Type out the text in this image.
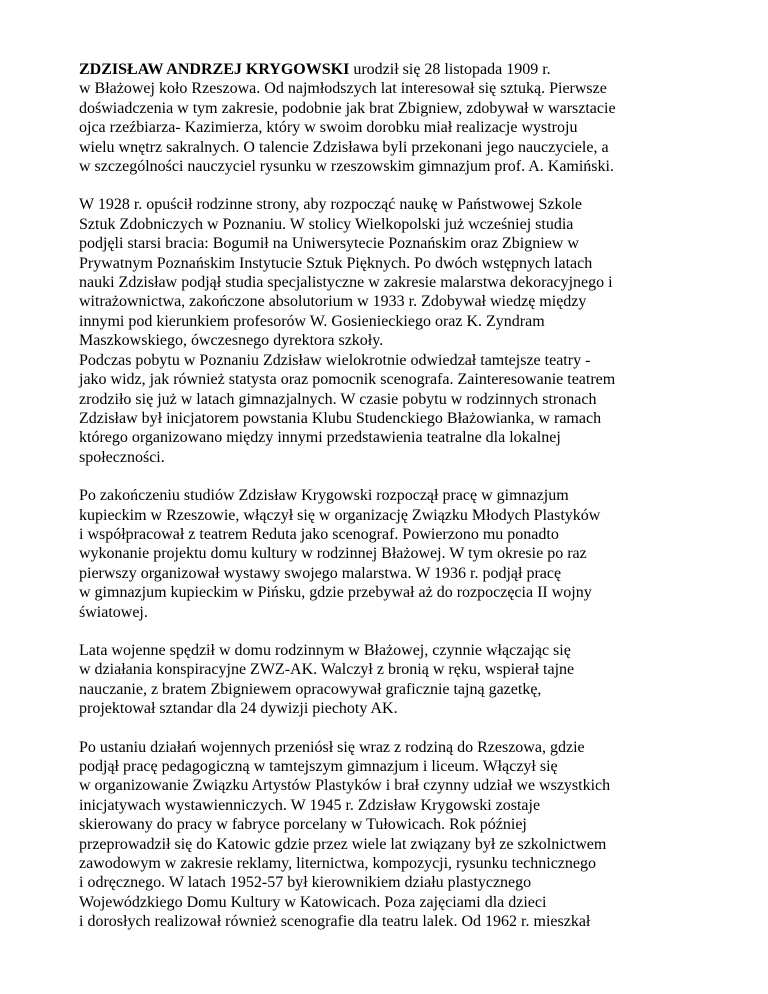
ZDZISŁAW ANDRZEJ KRYGOWSKI urodził się 28 listopada 1909 r.
w Błażowej koło Rzeszowa. Od najmłodszych lat interesował się sztuką. Pierwsze
doświadczenia w tym zakresie, podobnie jak brat Zbigniew, zdobywał w warsztacie
ojca rzeźbiarza- Kazimierza, który w swoim dorobku miał realizacje wystroju
wielu wnętrz sakralnych. O talencie Zdzisława byli przekonani jego nauczyciele, a
w szczególności nauczyciel rysunku w rzeszowskim gimnazjum prof. A. Kamiński.

W 1928 r. opuścił rodzinne strony, aby rozpocząć naukę w Państwowej Szkole
Sztuk Zdobniczych w Poznaniu. W stolicy Wielkopolski już wcześniej studia
podjęli starsi bracia: Bogumił na Uniwersytecie Poznańskim oraz Zbigniew w
Prywatnym Poznańskim Instytucie Sztuk Pięknych. Po dwóch wstępnych latach
nauki Zdzisław podjął studia specjalistyczne w zakresie malarstwa dekoracyjnego i
witrażownictwa, zakończone absolutorium w 1933 r. Zdobywał wiedzę między
innymi pod kierunkiem profesorów W. Gosienieckiego oraz K. Zyndram
Maszkowskiego, ówczesnego dyrektora szkoły.

Podczas pobytu w Poznaniu Zdzisław wielokrotnie odwiedzał tamtejsze teatry -
jako widz, jak również statysta oraz pomocnik scenografa. Zainteresowanie teatrem
zrodziło się już w latach gimnazjalnych. W czasie pobytu w rodzinnych stronach
Zdzisław był inicjatorem powstania Klubu Studenckiego Błażowianka, w ramach
którego organizowano między innymi przedstawienia teatralne dla lokalnej
społeczności.

Po zakończeniu studiów Zdzisław Krygowski rozpoczął pracę w gimnazjum
kupieckim w Rzeszowie, włączył się w organizację Związku Młodych Plastyków
i współpracował z teatrem Reduta jako scenograf. Powierzono mu ponadto
wykonanie projektu domu kultury w rodzinnej Błażowej. W tym okresie po raz
pierwszy organizował wystawy swojego malarstwa. W 1936 r. podjął pracę
w gimnazjum kupieckim w Pińsku, gdzie przebywał aż do rozpoczęcia II wojny
światowej.

Lata wojenne spędził w domu rodzinnym w Błażowej, czynnie włączając się
w działania konspiracyjne ZWZ-AK. Walczył z bronią w ręku, wspierał tajne
nauczanie, z bratem Zbigniewem opracowywał graficznie tajną gazetkę,
projektował sztandar dla 24 dywizji piechoty AK.

Po ustaniu działań wojennych przeniósł się wraz z rodziną do Rzeszowa, gdzie
podjął pracę pedagogiczną w tamtejszym gimnazjum i liceum. Włączył się
w organizowanie Związku Artystów Plastyków i brał czynny udział we wszystkich
inicjatywach wystawienniczych. W 1945 r. Zdzisław Krygowski zostaje
skierowany do pracy w fabryce porcelany w Tułowicach. Rok później
przeprowadził się do Katowic gdzie przez wiele lat związany był ze szkolnictwem
zawodowym w zakresie reklamy, liternictwa, kompozycji, rysunku technicznego
i odręcznego. W latach 1952-57 był kierownikiem działu plastycznego
Wojewódzkiego Domu Kultury w Katowicach. Poza zajęciami dla dzieci
i dorosłych realizował również scenografie dla teatru lalek. Od 1962 r. mieszkał
